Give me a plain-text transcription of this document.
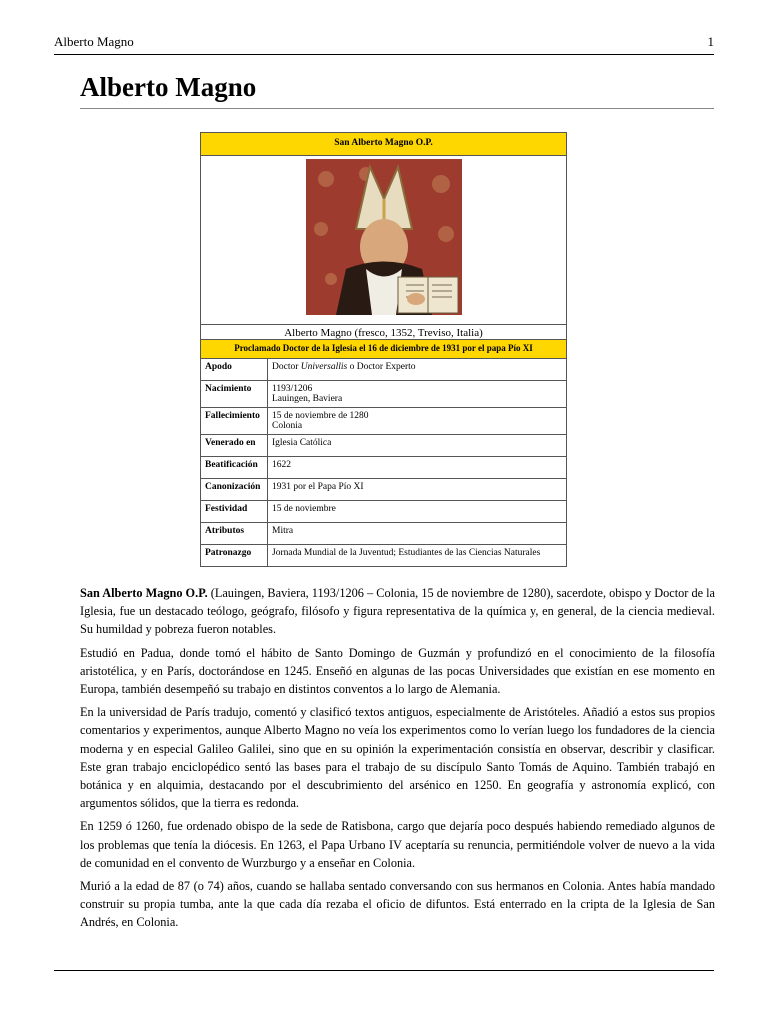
Alberto Magno	1
Alberto Magno
San Alberto Magno O.P.	

Alberto Magno (fresco, 1352, Treviso, Italia)	
Proclamado Doctor de la Iglesia el 16 de diciembre de 1931 por el papa Pío XI	
Apodo	Doctor Universallis o Doctor Experto
Nacimiento	1193/1206
Lauingen, Baviera

Fallecimiento	15 de noviembre de 1280
Colonia

Venerado en	Iglesia Católica
Beatificación	1622
Canonización	1931 por el Papa Pío XI
Festividad	15 de noviembre
Atributos	Mitra
Patronazgo	Jornada Mundial de la Juventud; Estudiantes de las Ciencias Naturales

San Alberto Magno O.P. (Lauingen, Baviera, 1193/1206 – Colonia, 15 de noviembre de 1280), sacerdote, obispo y Doctor de la Iglesia, fue un destacado teólogo, geógrafo, filósofo y figura representativa de la química y, en general, de la ciencia medieval. Su humildad y pobreza fueron notables.

Estudió en Padua, donde tomó el hábito de Santo Domingo de Guzmán y profundizó en el conocimiento de la filosofía aristotélica, y en París, doctorándose en 1245. Enseñó en algunas de las pocas Universidades que existían en ese momento en Europa, también desempeñó su trabajo en distintos conventos a lo largo de Alemania.

En la universidad de París tradujo, comentó y clasificó textos antiguos, especialmente de Aristóteles. Añadió a estos sus propios comentarios y experimentos, aunque Alberto Magno no veía los experimentos como lo verían luego los fundadores de la ciencia moderna y en especial Galileo Galilei, sino que en su opinión la experimentación consistía en observar, describir y clasificar. Este gran trabajo enciclopédico sentó las bases para el trabajo de su discípulo Santo Tomás de Aquino. También trabajó en botánica y en alquimia, destacando por el descubrimiento del arsénico en 1250. En geografía y astronomía explicó, con argumentos sólidos, que la tierra es redonda.

En 1259 ó 1260, fue ordenado obispo de la sede de Ratisbona, cargo que dejaría poco después habiendo remediado algunos de los problemas que tenía la diócesis. En 1263, el Papa Urbano IV aceptaría su renuncia, permitiéndole volver de nuevo a la vida de comunidad en el convento de Wurzburgo y a enseñar en Colonia.

Murió a la edad de 87 (o 74) años, cuando se hallaba sentado conversando con sus hermanos en Colonia. Antes había mandado construir su propia tumba, ante la que cada día rezaba el oficio de difuntos. Está enterrado en la cripta de la Iglesia de San Andrés, en Colonia.
